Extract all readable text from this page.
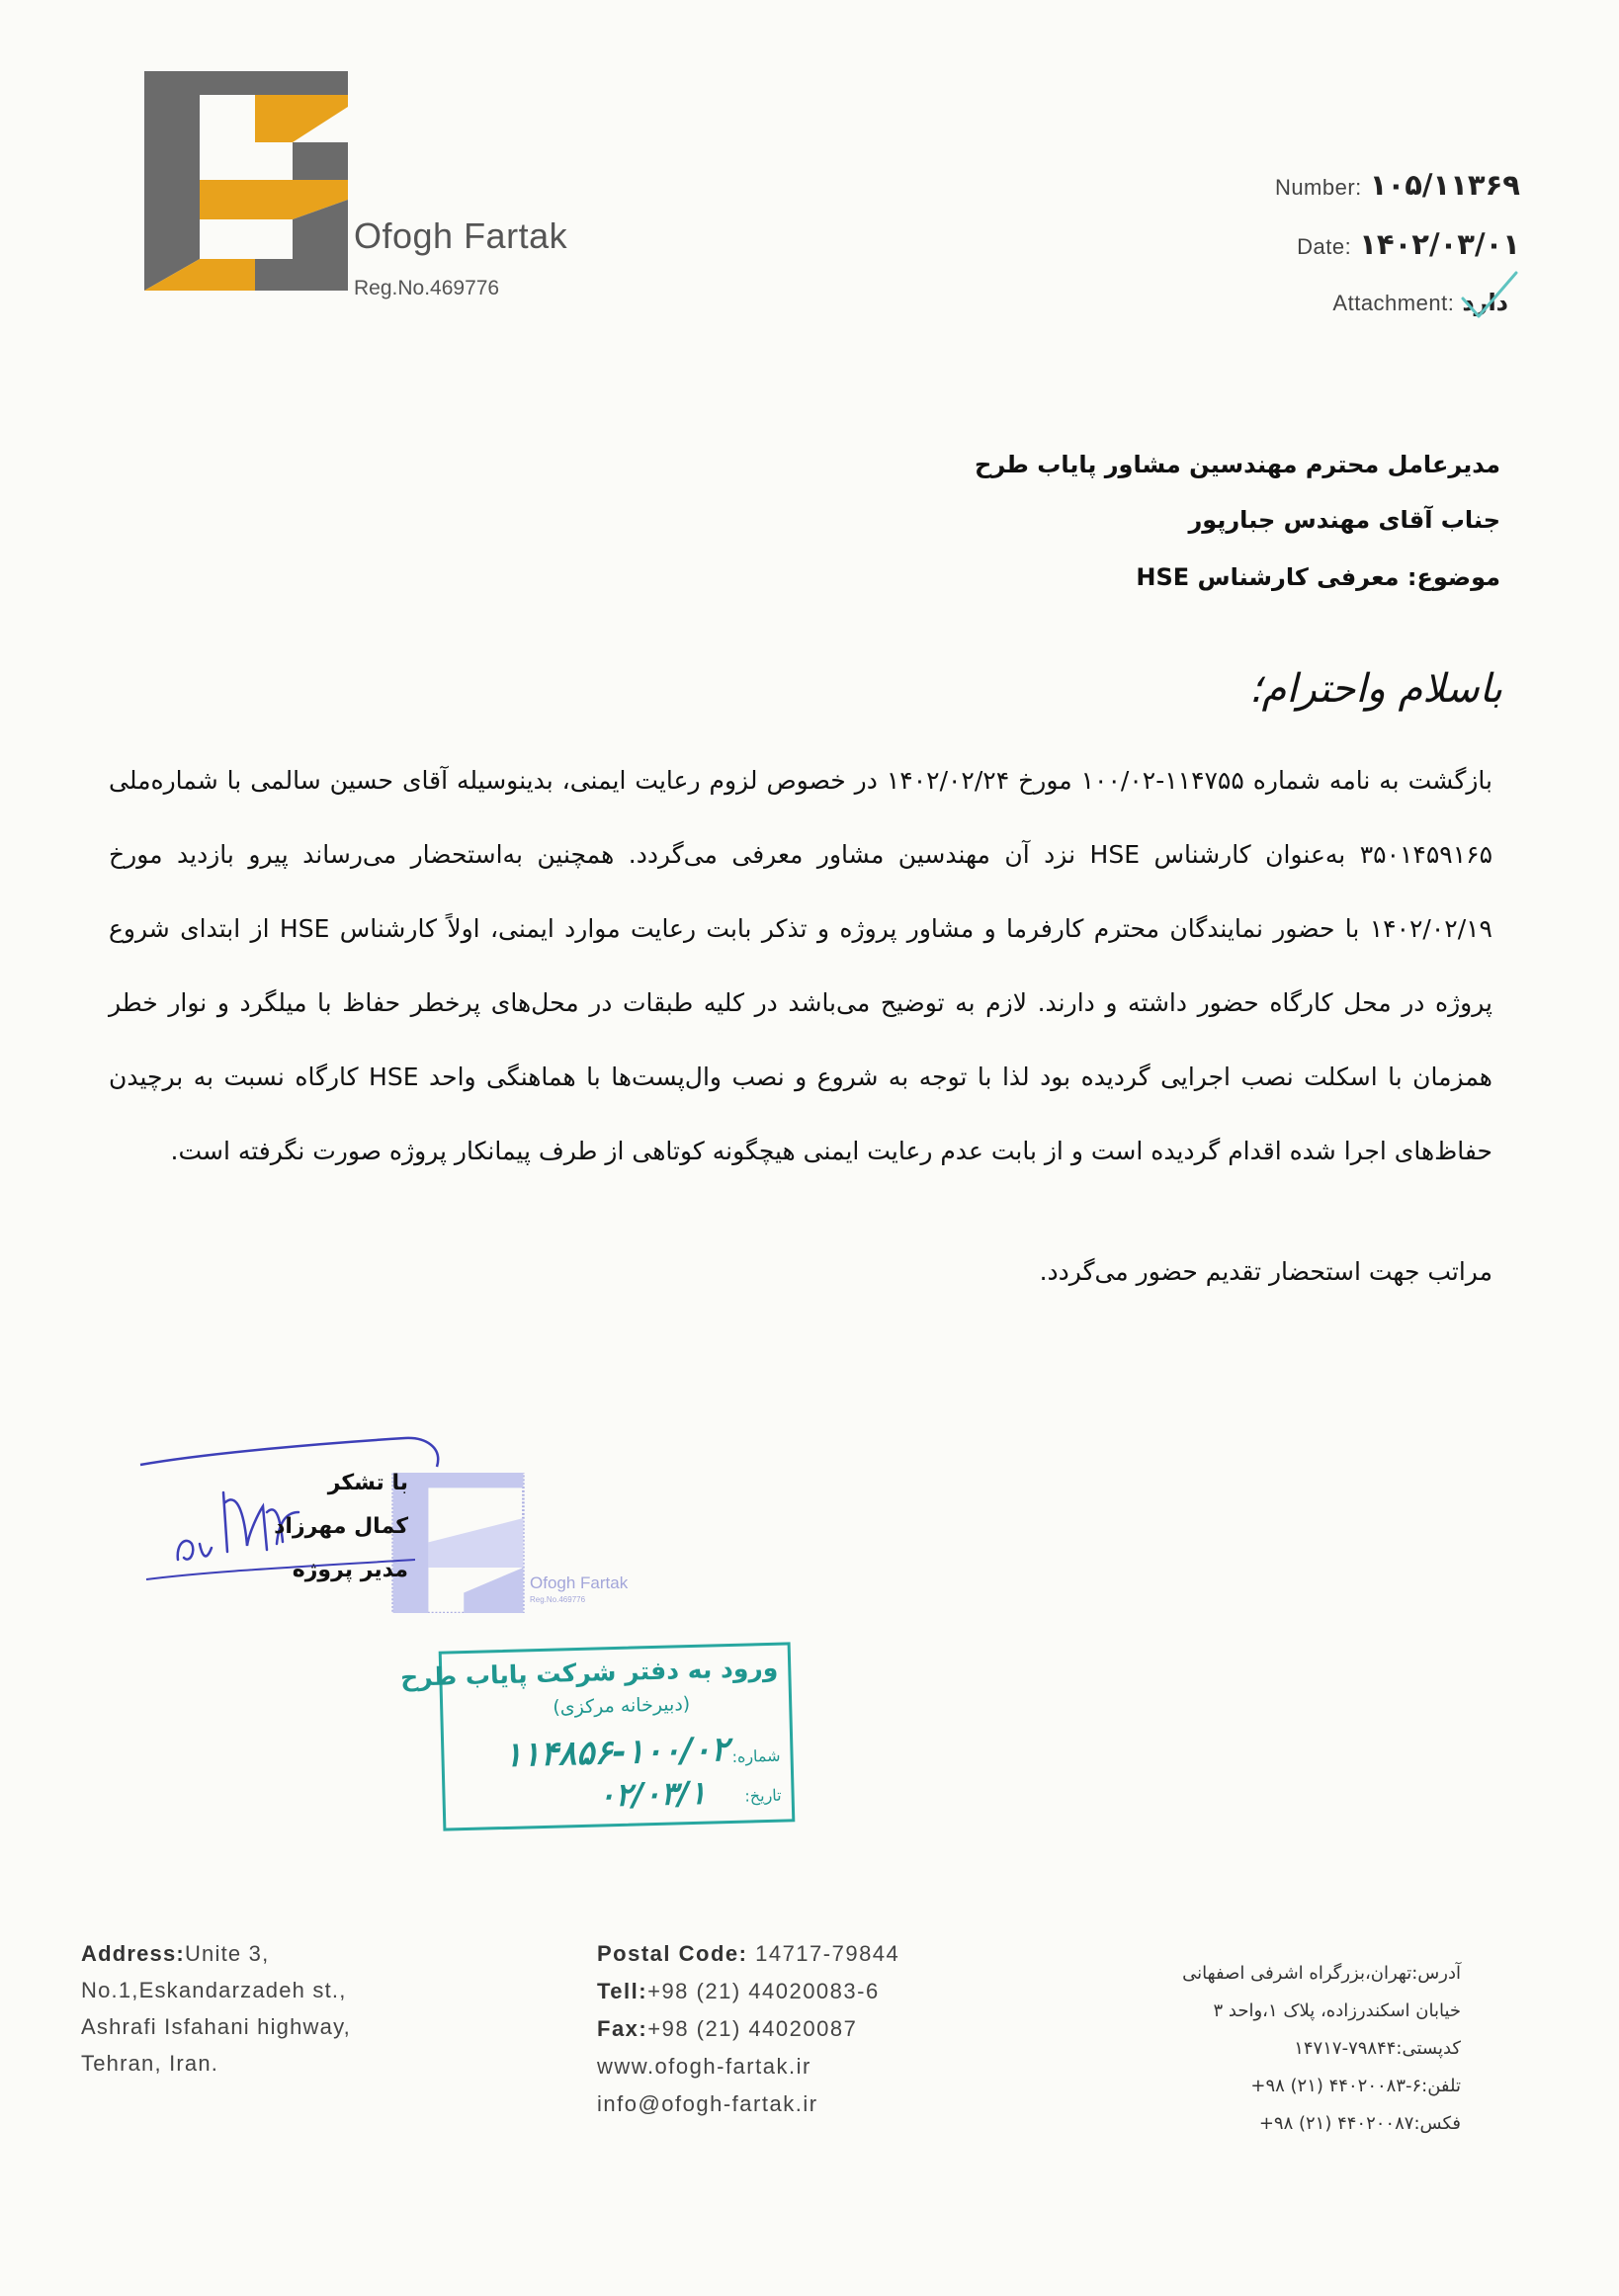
Ofogh Fartak
Reg.No.469776
Number: ۱۰۵/۱۱۳۶۹
Date: ۱۴۰۲/۰۳/۰۱
Attachment: دارد
مدیرعامل محترم مهندسین مشاور پایاب طرح
جناب آقای مهندس جبارپور
موضوع: معرفی کارشناس HSE
باسلام واحترام؛

بازگشت به نامه شماره ۱۱۴۷۵۵-۱۰۰/۰۲ مورخ ۱۴۰۲/۰۲/۲۴ در خصوص لزوم رعایت ایمنی، بدینوسیله آقای حسین سالمی با شماره‌ملی ۳۵۰۱۴۵۹۱۶۵ به‌عنوان کارشناس HSE نزد آن مهندسین مشاور معرفی می‌گردد. همچنین به‌استحضار می‌رساند پیرو بازدید مورخ ۱۴۰۲/۰۲/۱۹ با حضور نمایندگان محترم کارفرما و مشاور پروژه و تذکر بابت رعایت موارد ایمنی، اولاً کارشناس HSE از ابتدای شروع پروژه در محل کارگاه حضور داشته و دارند. لازم به توضیح می‌باشد در کلیه طبقات در محل‌های پرخطر حفاظ با میلگرد و نوار خطر همزمان با اسکلت نصب اجرایی گردیده بود لذا با توجه به شروع و نصب وال‌پست‌ها با هماهنگی واحد HSE کارگاه نسبت به برچیدن حفاظ‌های اجرا شده اقدام گردیده است و از بابت عدم رعایت ایمنی هیچگونه کوتاهی از طرف پیمانکار پروژه صورت نگرفته است.

مراتب جهت استحضار تقدیم حضور می‌گردد.
Ofogh Fartak
Reg.No.469776
با تشکر
کمال مهرزاد
مدیر پروژه
ورود به دفتر شرکت پایاب طرح
(دبیرخانه مرکزی)
شماره:
۱۱۴۸۵۶-۱۰۰/۰۲
تاریخ:
۰۲/۰۳/۱
Address:Unite 3,
No.1,Eskandarzadeh st.,
Ashrafi Isfahani highway,
Tehran, Iran.
Postal Code: 14717-79844
Tell:+98 (21) 44020083-6
Fax:+98 (21) 44020087
www.ofogh-fartak.ir
info@ofogh-fartak.ir
آدرس:تهران،بزرگراه اشرفی اصفهانی
خیابان اسکندرزاده، پلاک ۱،واحد ۳
کدپستی:۷۹۸۴۴-۱۴۷۱۷
تلفن:۶-۴۴۰۲۰۰۸۳ (۲۱) ۹۸+
فکس:۴۴۰۲۰۰۸۷ (۲۱) ۹۸+
